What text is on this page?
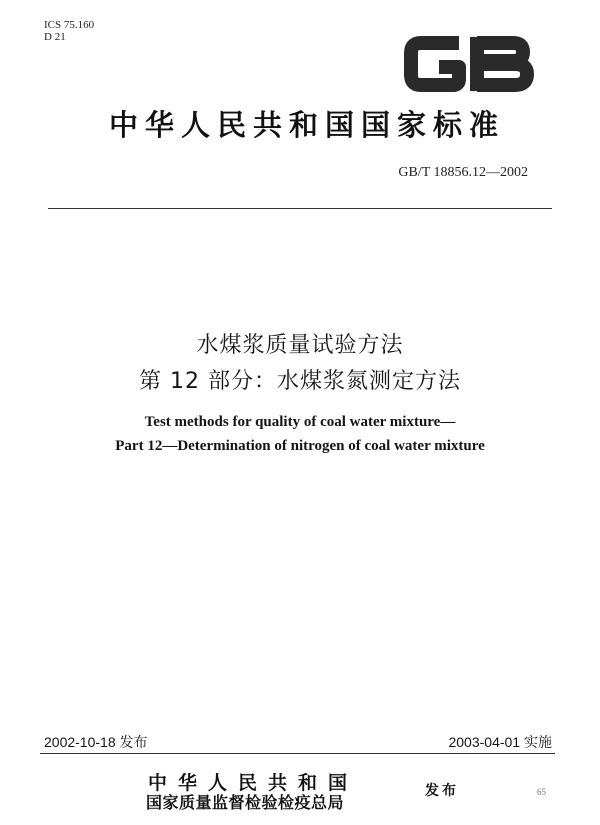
ICS 75.160
D 21
中华人民共和国国家标准
GB/T 18856.12—2002
水煤浆质量试验方法
第 12 部分：水煤浆氮测定方法
Test methods for quality of coal water mixture—
Part 12—Determination of nitrogen of coal water mixture
2002-10-18 发布	2003-04-01 实施
中华人民共和国
国家质量监督检验检疫总局
发布	65
